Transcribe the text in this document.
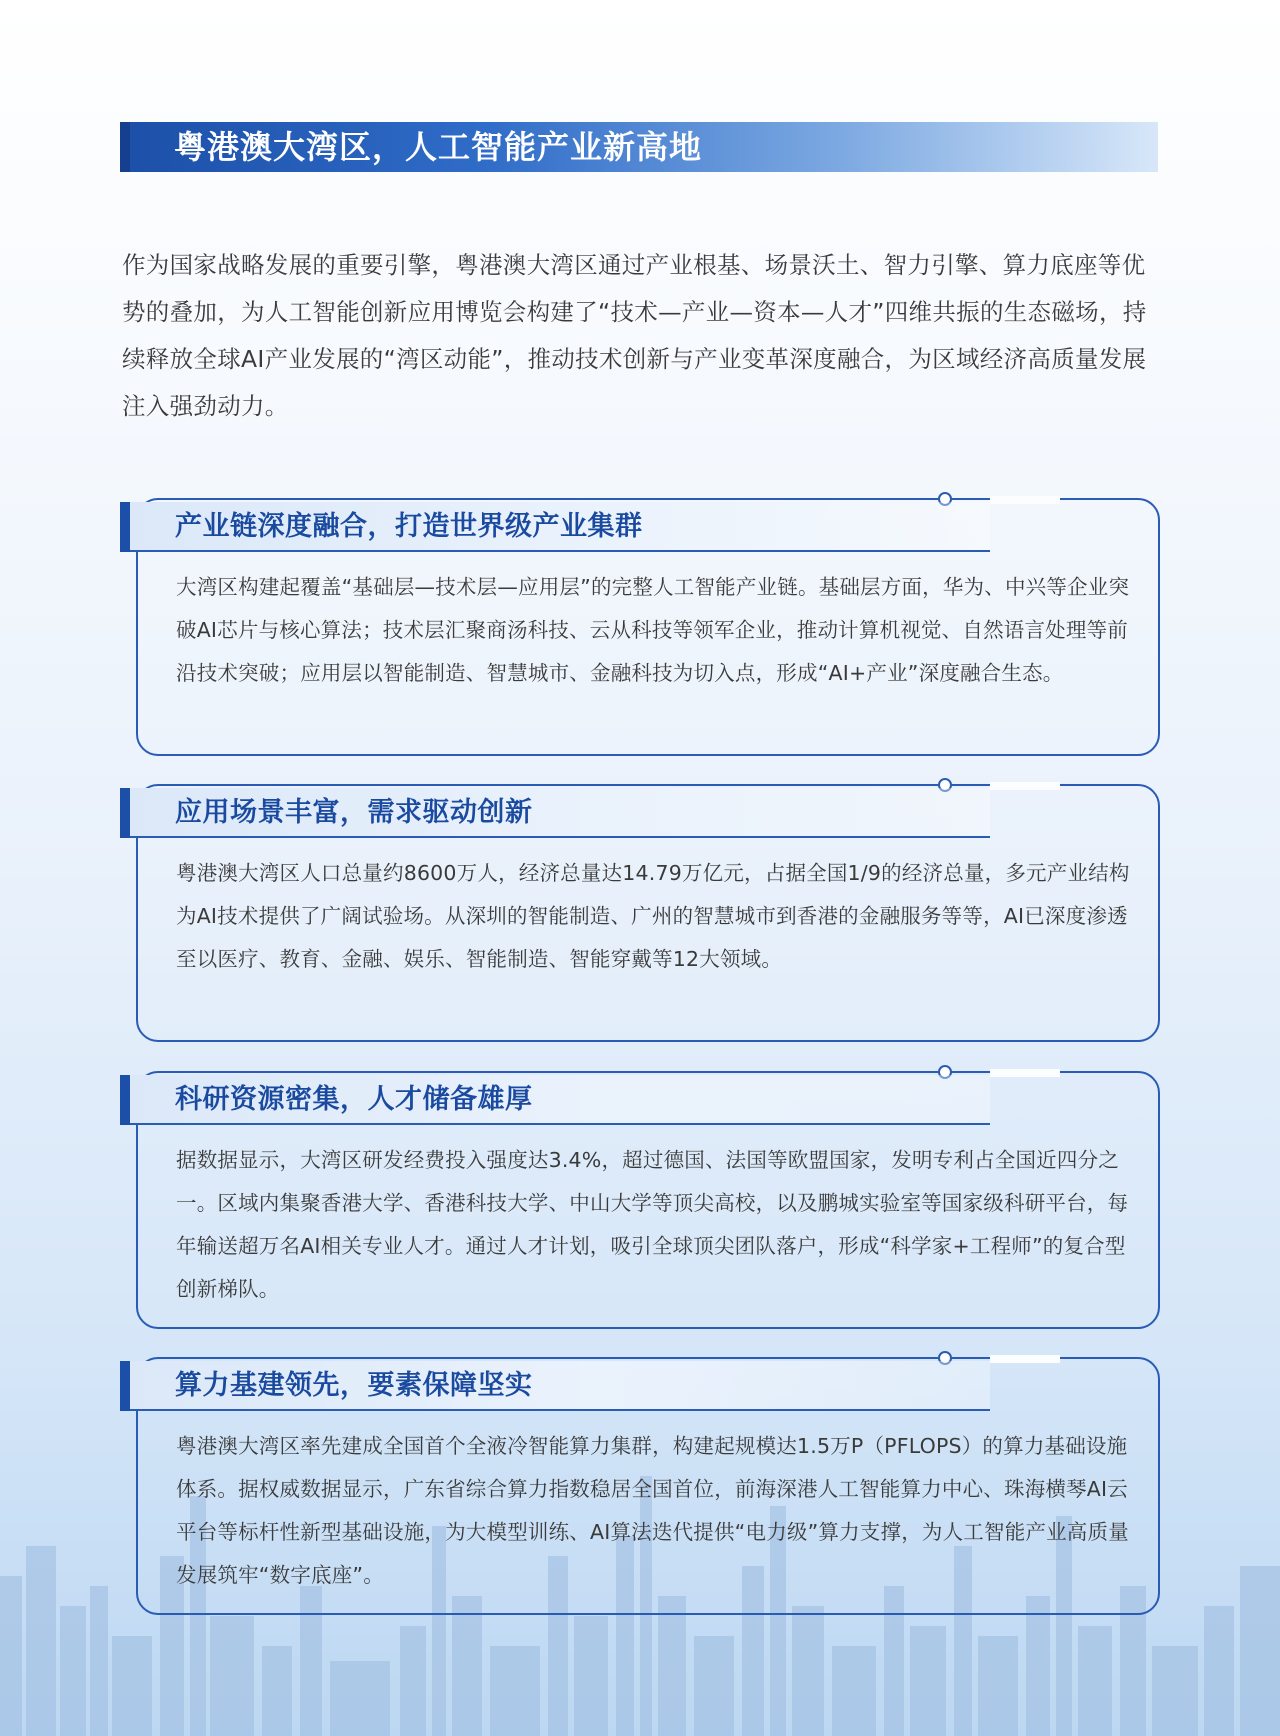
粤港澳大湾区，人工智能产业新高地

作为国家战略发展的重要引擎，粤港澳大湾区通过产业根基、场景沃土、智力引擎、算力底座等优势的叠加，为人工智能创新应用博览会构建了“技术—产业—资本—人才”四维共振的生态磁场，持续释放全球AI产业发展的“湾区动能”，推动技术创新与产业变革深度融合，为区域经济高质量发展注入强劲动力。

产业链深度融合，打造世界级产业集群

大湾区构建起覆盖“基础层—技术层—应用层”的完整人工智能产业链。基础层方面，华为、中兴等企业突破AI芯片与核心算法；技术层汇聚商汤科技、云从科技等领军企业，推动计算机视觉、自然语言处理等前沿技术突破；应用层以智能制造、智慧城市、金融科技为切入点，形成“AI+产业”深度融合生态。

应用场景丰富，需求驱动创新

粤港澳大湾区人口总量约8600万人，经济总量达14.79万亿元，占据全国1/9的经济总量，多元产业结构为AI技术提供了广阔试验场。从深圳的智能制造、广州的智慧城市到香港的金融服务等等，AI已深度渗透至以医疗、教育、金融、娱乐、智能制造、智能穿戴等12大领域。

科研资源密集，人才储备雄厚

据数据显示，大湾区研发经费投入强度达3.4%，超过德国、法国等欧盟国家，发明专利占全国近四分之一。区域内集聚香港大学、香港科技大学、中山大学等顶尖高校，以及鹏城实验室等国家级科研平台，每年输送超万名AI相关专业人才。通过人才计划，吸引全球顶尖团队落户，形成“科学家+工程师”的复合型创新梯队。

算力基建领先，要素保障坚实

粤港澳大湾区率先建成全国首个全液冷智能算力集群，构建起规模达1.5万P（PFLOPS）的算力基础设施体系。据权威数据显示，广东省综合算力指数稳居全国首位，前海深港人工智能算力中心、珠海横琴AI云平台等标杆性新型基础设施，为大模型训练、AI算法迭代提供“电力级”算力支撑，为人工智能产业高质量发展筑牢“数字底座”。
